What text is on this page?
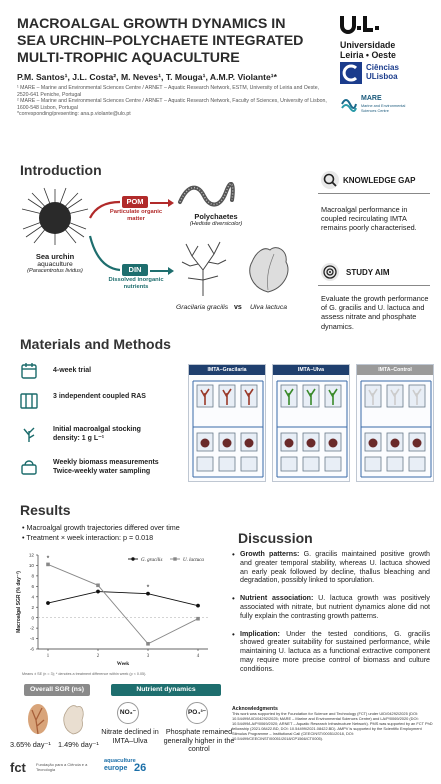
MACROALGAL GROWTH DYNAMICS IN SEA URCHIN–POLYCHAETE INTEGRATED MULTI-TROPHIC AQUACULTURE
P.M. Santos¹, J.L. Costa², M. Neves¹, T. Mouga¹, A.M.P. Violante¹*
¹ MARE – Marine and Environmental Sciences Centre / ARNET – Aquatic Research Network, ESTM, University of Leiria and Oeste, 2520-641 Peniche, Portugal
² MARE – Marine and Environmental Sciences Centre / ARNET – Aquatic Research Network, Faculty of Sciences, University of Lisbon, 1600-548 Lisbon, Portugal
*corresponding/presenting: ana.p.violante@ulo.pt
Universidade
Leiria • Oeste
Ciências
ULisboa
MARE
Marine and Environmental Sciences Centre
Introduction
Sea urchin
aquaculture
(Paracentrotus lividus)
POM
Particulate organic matter
DIN
Dissolved inorganic nutrients
Polychaetes
(Hediste diversicolor)
Gracilaria gracilis vs Ulva lactuca
KNOWLEDGE GAP
Macroalgal performance in coupled recirculating IMTA remains poorly characterised.
STUDY AIM
Evaluate the growth performance of G. gracilis and U. lactuca and assess nitrate and phosphate dynamics.
Materials and Methods
4-week trial
3 independent coupled RAS
Initial macroalgal stocking density: 1 g L⁻¹
Weekly biomass measurements Twice-weekly water sampling
IMTA–Gracilaria	IMTA–Ulva	IMTA–Control
Results
• Macroalgal growth trajectories differed over time
• Treatment × week interaction: p = 0.018
-6
-4
-2
0
2
4
6
8
10
12
1	2	3	4
Week
Macroalgal SGR (% day⁻¹)
G. gracilis	U. lactuca
*
*
Means ± SE (n = 3); * denotes a treatment difference within week (p < 0.05).
Overall SGR (ns)
3.65% day⁻¹ 1.49% day⁻¹
Nutrient dynamics
NO₃⁻	PO₄³⁻
Nitrate declined in IMTA–Ulva
Phosphate remained generally higher in the control
Discussion
• Growth patterns: G. gracilis maintained positive growth and greater temporal stability, whereas U. lactuca showed an early peak followed by decline, thallus bleaching and degradation, possibly linked to sporulation.

• Nutrient association: U. lactuca growth was positively associated with nitrate, but nutrient dynamics alone did not fully explain the contrasting growth patterns.

• Implication: Under the tested conditions, G. gracilis showed greater suitability for sustained performance, while maintaining U. lactuca as a functional extractive component may require more precise control of biomass and culture conditions.

Acknowledgments
This work was supported by the Foundation for Science and Technology (FCT) under UID/04292/2025 (DOI: 10.54499/UID/04292/2025; MARE – Marine and Environmental Sciences Centre) and LA/P/0069/2020 (DOI: 10.54499/LA/P/0069/2020; ARNET – Aquatic Research Infrastructure Network). PMS was supported by an FCT PhD fellowship (2021.08422.BD, DOI: 10.54499/2021.08422.BD). AMPV is supported by the Scientific Employment Stimulus Programme – Institutional Call (CEECINST/00051/2018, DOI: 10.54499/CEECINST/00051/2018/CP1566/CT0005).
fct	Fundação para a Ciência e a Tecnologia
aquaculture
europe 26
